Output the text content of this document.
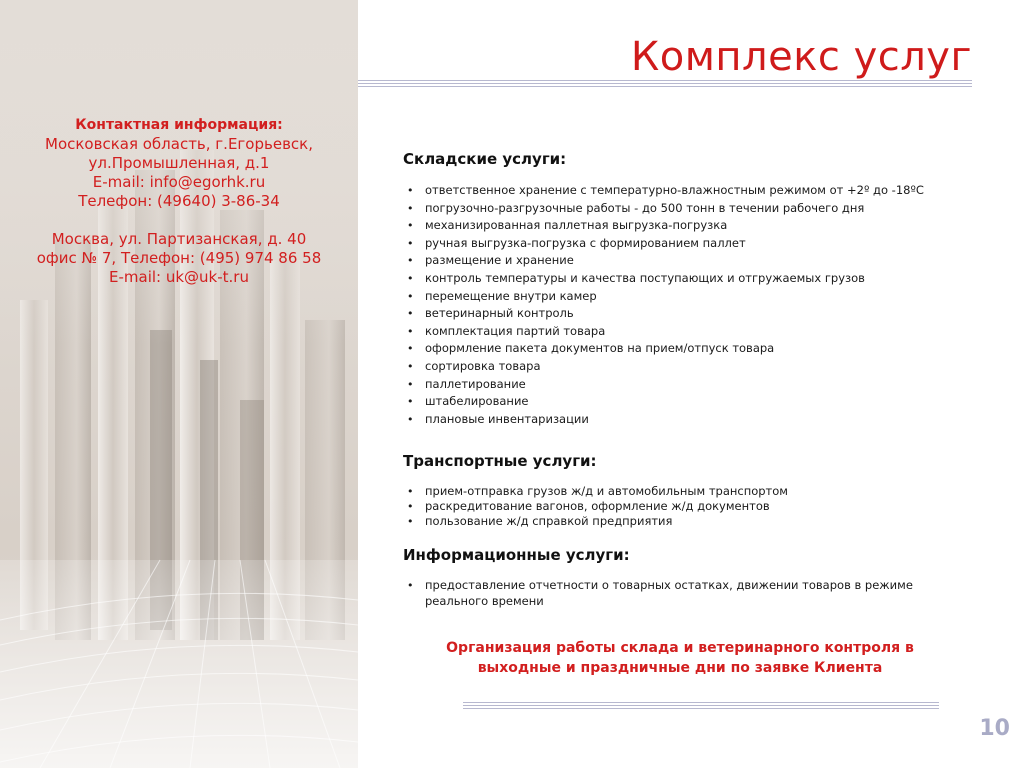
Контактная информация:
Московская область, г.Егорьевск,
ул.Промышленная, д.1
E-mail: info@egorhk.ru
Телефон: (49640) 3-86-34
Москва, ул. Партизанская, д. 40
офис № 7, Телефон: (495) 974 86 58
E-mail: uk@uk-t.ru
Комплекс услуг
Складские услуги:
• ответственное хранение с температурно-влажностным режимом от +2º до -18ºC
• погрузочно-разгрузочные работы - до 500 тонн в течении рабочего дня
• механизированная паллетная выгрузка-погрузка
• ручная выгрузка-погрузка с формированием паллет
• размещение и хранение
• контроль температуры и качества поступающих и отгружаемых грузов
• перемещение внутри камер
• ветеринарный контроль
• комплектация партий товара
• оформление пакета документов на прием/отпуск товара
• сортировка товара
• паллетирование
• штабелирование
• плановые инвентаризации
Транспортные услуги:
• прием-отправка грузов ж/д и автомобильным транспортом
• раскредитование вагонов, оформление ж/д документов
• пользование ж/д справкой предприятия
Информационные услуги:
• предоставление отчетности о товарных остатках, движении товаров в режиме реального времени
Организация работы склада и ветеринарного контроля в выходные и праздничные дни по заявке Клиента
10
